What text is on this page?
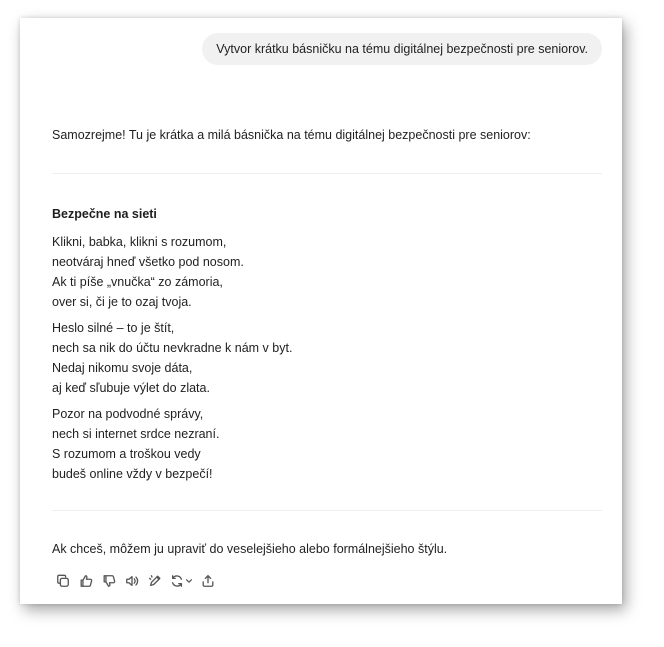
Vytvor krátku básničku na tému digitálnej bezpečnosti pre seniorov.
Samozrejme! Tu je krátka a milá básnička na tému digitálnej bezpečnosti pre seniorov:
Bezpečne na sieti
Klikni, babka, klikni s rozumom,
neotváraj hneď všetko pod nosom.
Ak ti píše „vnučka“ zo zámoria,
over si, či je to ozaj tvoja.
Heslo silné – to je štít,
nech sa nik do účtu nevkradne k nám v byt.
Nedaj nikomu svoje dáta,
aj keď sľubuje výlet do zlata.
Pozor na podvodné správy,
nech si internet srdce nezraní.
S rozumom a troškou vedy
budeš online vždy v bezpečí!
Ak chceš, môžem ju upraviť do veselejšieho alebo formálnejšieho štýlu.
